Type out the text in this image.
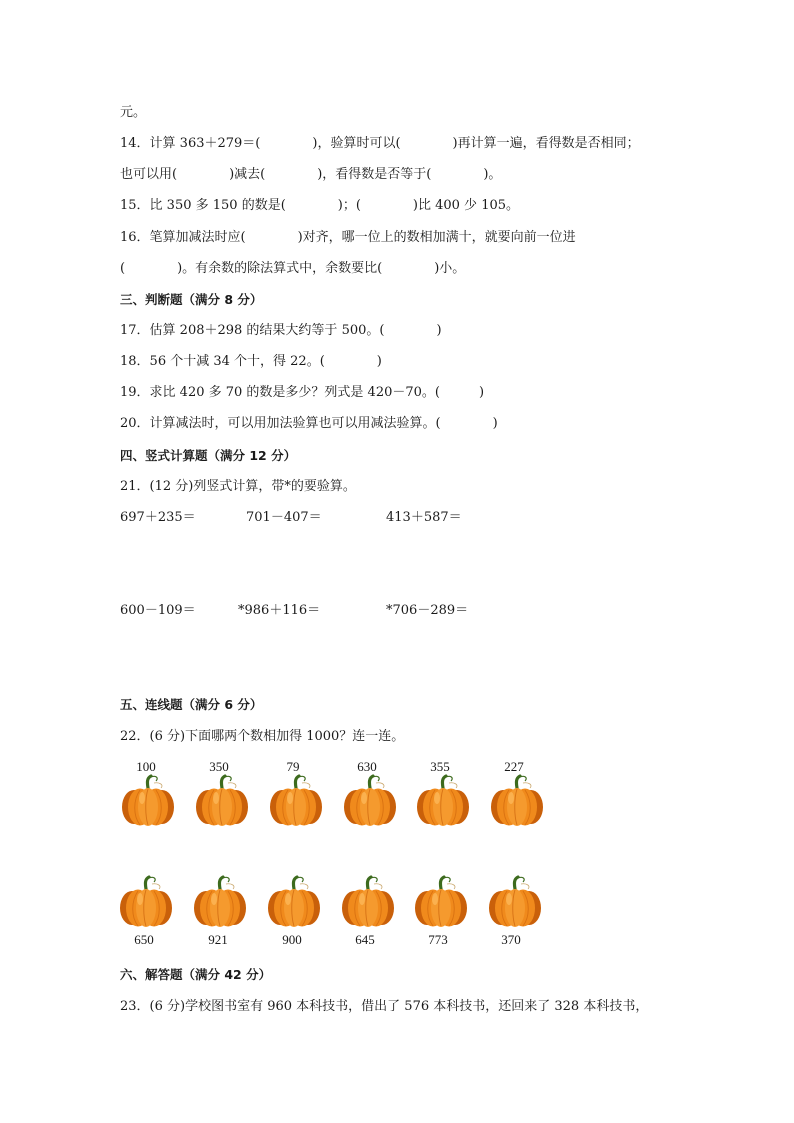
元。
14．计算 363＋279＝(　　　　)，验算时可以(　　　　)再计算一遍，看得数是否相同；
也可以用(　　　　)减去(　　　　)，看得数是否等于(　　　　)。
15．比 350 多 150 的数是(　　　　)；(　　　　)比 400 少 105。
16．笔算加减法时应(　　　　)对齐，哪一位上的数相加满十，就要向前一位进
(　　　　)。有余数的除法算式中，余数要比(　　　　)小。
三、判断题（满分 8 分）
17．估算 208＋298 的结果大约等于 500。(　　　　)
18．56 个十减 34 个十，得 22。(　　　　)
19．求比 420 多 70 的数是多少？列式是 420－70。(　　　)
20．计算减法时，可以用加法验算也可以用减法验算。(　　　　)
四、竖式计算题（满分 12 分）
21．(12 分)列竖式计算，带*的要验算。
697＋235＝	701－407＝	413＋587＝
600－109＝	*986＋116＝	*706－289＝
五、连线题（满分 6 分）
22．(6 分)下面哪两个数相加得 1000？连一连。
100	350	79	630	355	227
650	921	900	645	773	370
六、解答题（满分 42 分）
23．(6 分)学校图书室有 960 本科技书，借出了 576 本科技书，还回来了 328 本科技书，
